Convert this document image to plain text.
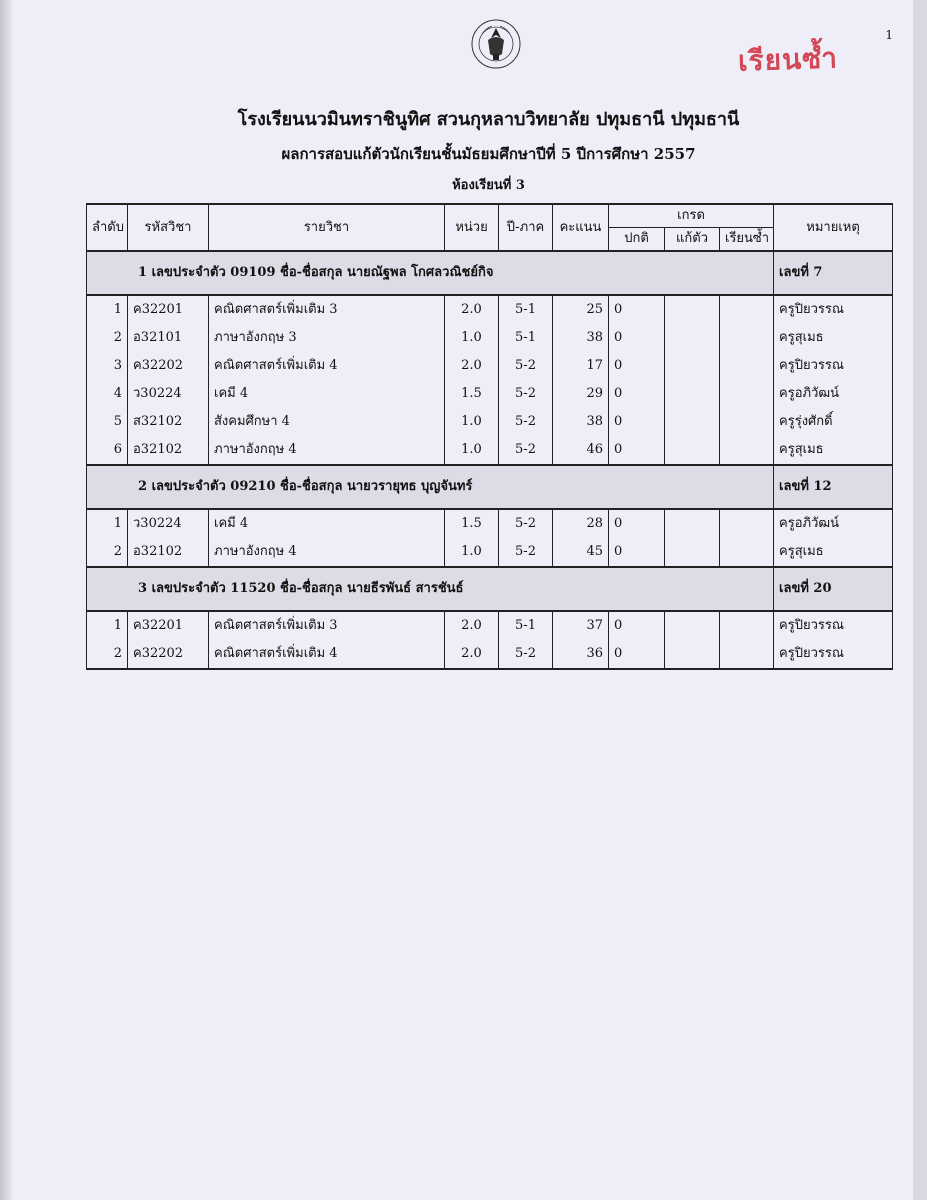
1
เรียนซ้ำ
โรงเรียนนวมินทราชินูทิศ สวนกุหลาบวิทยาลัย ปทุมธานี ปทุมธานี
ผลการสอบแก้ตัวนักเรียนชั้นมัธยมศึกษาปีที่ 5 ปีการศึกษา 2557
ห้องเรียนที่ 3
ลำดับ	รหัสวิชา	รายวิชา	หน่วย	ปี-ภาค	คะแนน	เกรด			หมายเหตุ
						ปกติ	แก้ตัว	เรียนซ้ำ	
1 เลขประจำตัว 09109 ชื่อ-ชื่อสกุล นายณัฐพล โกศลวณิชย์กิจ									เลขที่ 7
1	ค32201	คณิตศาสตร์เพิ่มเติม 3	2.0	5-1	25	0			ครูปิยวรรณ
2	อ32101	ภาษาอังกฤษ 3	1.0	5-1	38	0			ครูสุเมธ
3	ค32202	คณิตศาสตร์เพิ่มเติม 4	2.0	5-2	17	0			ครูปิยวรรณ
4	ว30224	เคมี 4	1.5	5-2	29	0			ครูอภิวัฒน์
5	ส32102	สังคมศึกษา 4	1.0	5-2	38	0			ครูรุ่งศักดิ์
6	อ32102	ภาษาอังกฤษ 4	1.0	5-2	46	0			ครูสุเมธ
2 เลขประจำตัว 09210 ชื่อ-ชื่อสกุล นายวรายุทธ บุญจันทร์									เลขที่ 12
1	ว30224	เคมี 4	1.5	5-2	28	0			ครูอภิวัฒน์
2	อ32102	ภาษาอังกฤษ 4	1.0	5-2	45	0			ครูสุเมธ
3 เลขประจำตัว 11520 ชื่อ-ชื่อสกุล นายธีรพันธ์ สารชันธ์									เลขที่ 20
1	ค32201	คณิตศาสตร์เพิ่มเติม 3	2.0	5-1	37	0			ครูปิยวรรณ
2	ค32202	คณิตศาสตร์เพิ่มเติม 4	2.0	5-2	36	0			ครูปิยวรรณ
